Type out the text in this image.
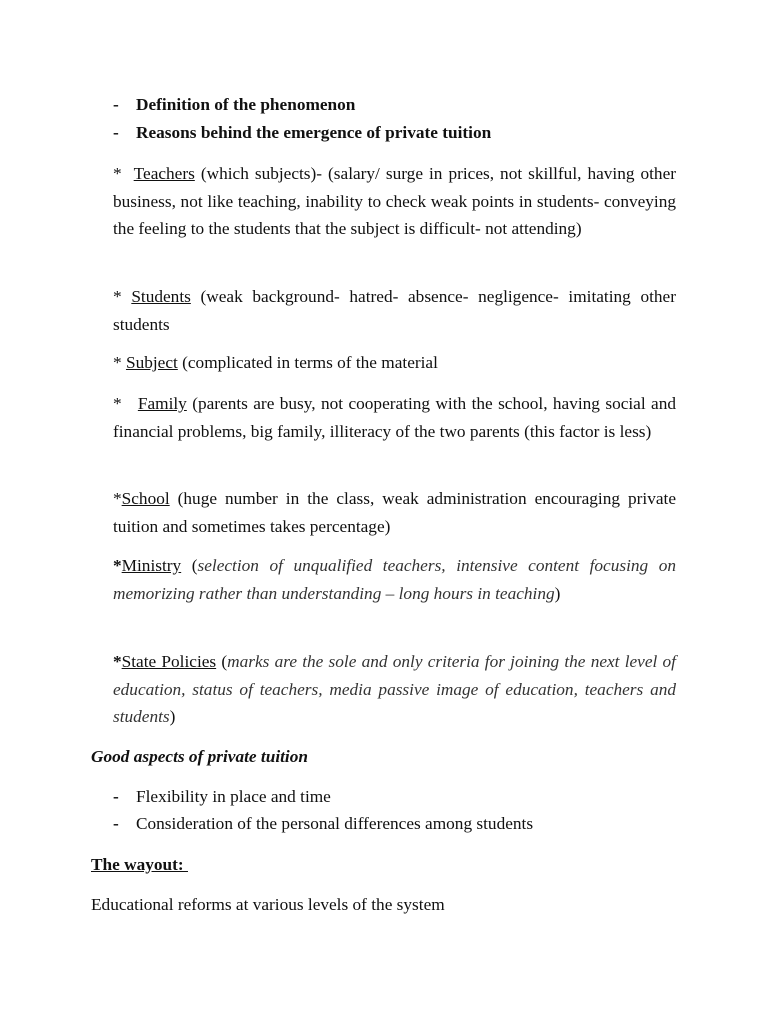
- Definition of the phenomenon
- Reasons behind the emergence of private tuition
* Teachers (which subjects)- (salary/ surge in prices, not skillful, having other business, not like teaching, inability to check weak points in students- conveying the feeling to the students that the subject is difficult- not attending)
* Students (weak background- hatred- absence- negligence- imitating other students
* Subject (complicated in terms of the material
* Family (parents are busy, not cooperating with the school, having social and financial problems, big family, illiteracy of the two parents (this factor is less)
*School (huge number in the class, weak administration encouraging private tuition and sometimes takes percentage)
*Ministry (selection of unqualified teachers, intensive content focusing on memorizing rather than understanding – long hours in teaching)
*State Policies (marks are the sole and only criteria for joining the next level of education, status of teachers, media passive image of education, teachers and students)
Good aspects of private tuition
- Flexibility in place and time
- Consideration of the personal differences among students
The wayout:
Educational reforms at various levels of the system
